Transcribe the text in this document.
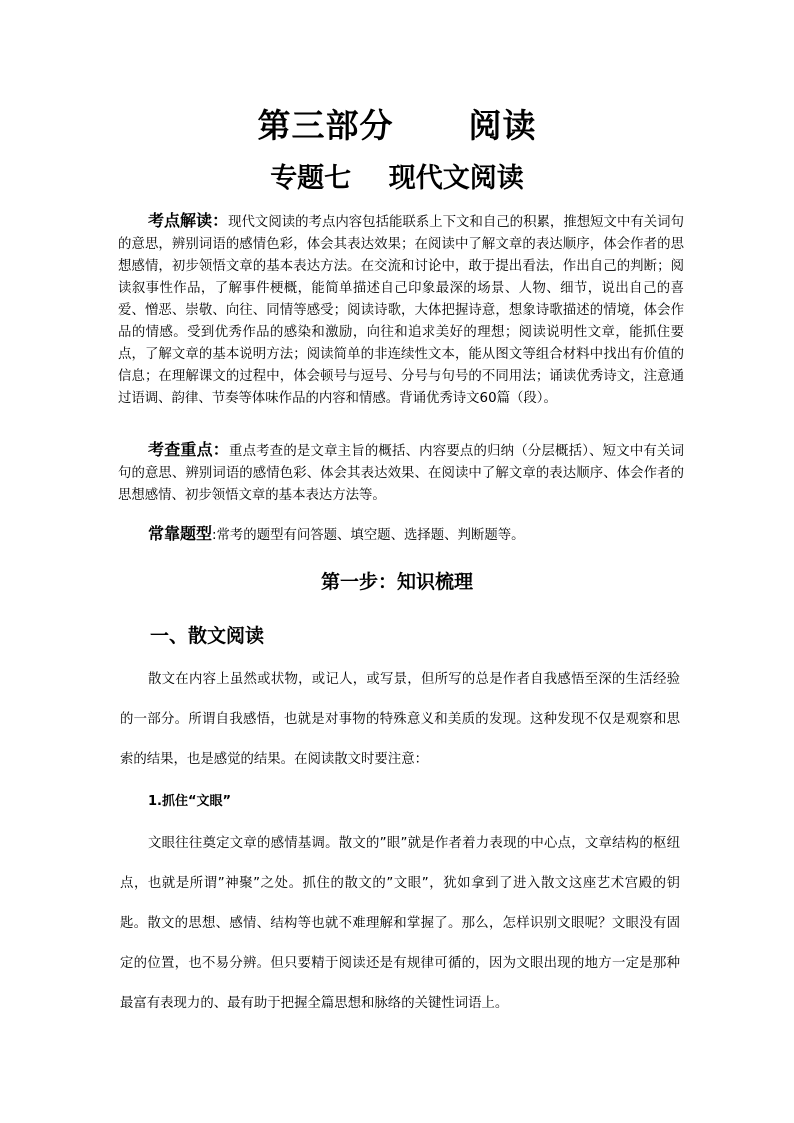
第三部分      阅读
专题七    现代文阅读

考点解读：现代文阅读的考点内容包括能联系上下文和自己的积累，推想短文中有关词句的意思，辨别词语的感情色彩，体会其表达效果；在阅读中了解文章的表达顺序，体会作者的思想感情，初步领悟文章的基本表达方法。在交流和讨论中，敢于提出看法，作出自己的判断；阅读叙事性作品，了解事件梗概，能简单描述自己印象最深的场景、人物、细节，说出自己的喜爱、憎恶、崇敬、向往、同情等感受；阅读诗歌，大体把握诗意，想象诗歌描述的情境，体会作品的情感。受到优秀作品的感染和激励，向往和追求美好的理想；阅读说明性文章，能抓住要点，了解文章的基本说明方法；阅读简单的非连续性文本，能从图文等组合材料中找出有价值的信息；在理解课文的过程中，体会顿号与逗号、分号与句号的不同用法；诵读优秀诗文，注意通过语调、韵律、节奏等体味作品的内容和情感。背诵优秀诗文60篇（段）。

考查重点：重点考查的是文章主旨的概括、内容要点的归纳（分层概括）、短文中有关词句的意思、辨别词语的感情色彩、体会其表达效果、在阅读中了解文章的表达顺序、体会作者的思想感情、初步领悟文章的基本表达方法等。

常靠题型:常考的题型有问答题、填空题、选择题、判断题等。

第一步：知识梳理
一、散文阅读

散文在内容上虽然或状物，或记人，或写景，但所写的总是作者自我感悟至深的生活经验的一部分。所谓自我感悟，也就是对事物的特殊意义和美质的发现。这种发现不仅是观察和思索的结果，也是感觉的结果。在阅读散文时要注意：

1.抓住“文眼”

文眼往往奠定文章的感情基调。散文的”眼”就是作者着力表现的中心点，文章结构的枢纽点，也就是所谓”神聚”之处。抓住的散文的”文眼”，犹如拿到了进入散文这座艺术宫殿的钥匙。散文的思想、感情、结构等也就不难理解和掌握了。那么，怎样识别文眼呢？文眼没有固定的位置，也不易分辨。但只要精于阅读还是有规律可循的，因为文眼出现的地方一定是那种最富有表现力的、最有助于把握全篇思想和脉络的关键性词语上。
